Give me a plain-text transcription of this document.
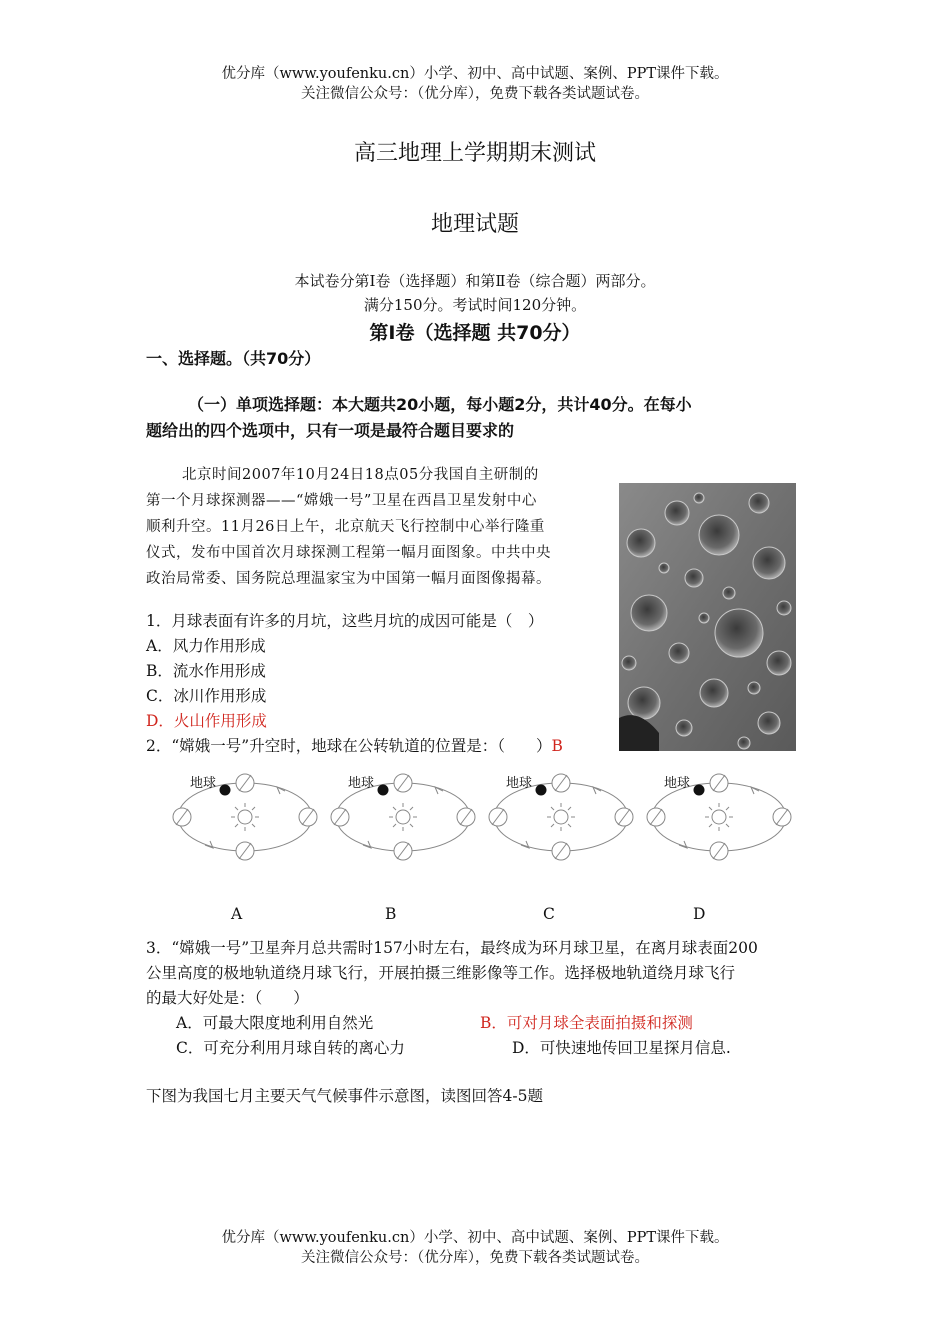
优分库（www.youfenku.cn）小学、初中、高中试题、案例、PPT课件下载。
关注微信公众号：（优分库），免费下载各类试题试卷。
高三地理上学期期末测试
地理试题
本试卷分第Ⅰ卷（选择题）和第Ⅱ卷（综合题）两部分。
满分150分。考试时间120分钟。
第Ⅰ卷（选择题 共70分）
一、选择题。（共70分）
（一）单项选择题：本大题共20小题，每小题2分，共计40分。在每小
题给出的四个选项中，只有一项是最符合题目要求的
北京时间2007年10月24日18点05分我国自主研制的
第一个月球探测器——“嫦娥一号”卫星在西昌卫星发射中心
顺利升空。11月26日上午，北京航天飞行控制中心举行隆重
仪式，发布中国首次月球探测工程第一幅月面图象。中共中央
政治局常委、国务院总理温家宝为中国第一幅月面图像揭幕。
1．月球表面有许多的月坑，这些月坑的成因可能是（　）
A．风力作用形成
B．流水作用形成
C．冰川作用形成
D．火山作用形成
2．“嫦娥一号”升空时，地球在公转轨道的位置是：（　　）B
地球	地球	地球	地球
A	B	C	D
3．“嫦娥一号”卫星奔月总共需时157小时左右，最终成为环月球卫星，在离月球表面200
公里高度的极地轨道绕月球飞行，开展拍摄三维影像等工作。选择极地轨道绕月球飞行
的最大好处是：（　　）
A．可最大限度地利用自然光	B．可对月球全表面拍摄和探测
C．可充分利用月球自转的离心力	D．可快速地传回卫星探月信息.
下图为我国七月主要天气气候事件示意图，读图回答4-5题
优分库（www.youfenku.cn）小学、初中、高中试题、案例、PPT课件下载。
关注微信公众号：（优分库），免费下载各类试题试卷。
